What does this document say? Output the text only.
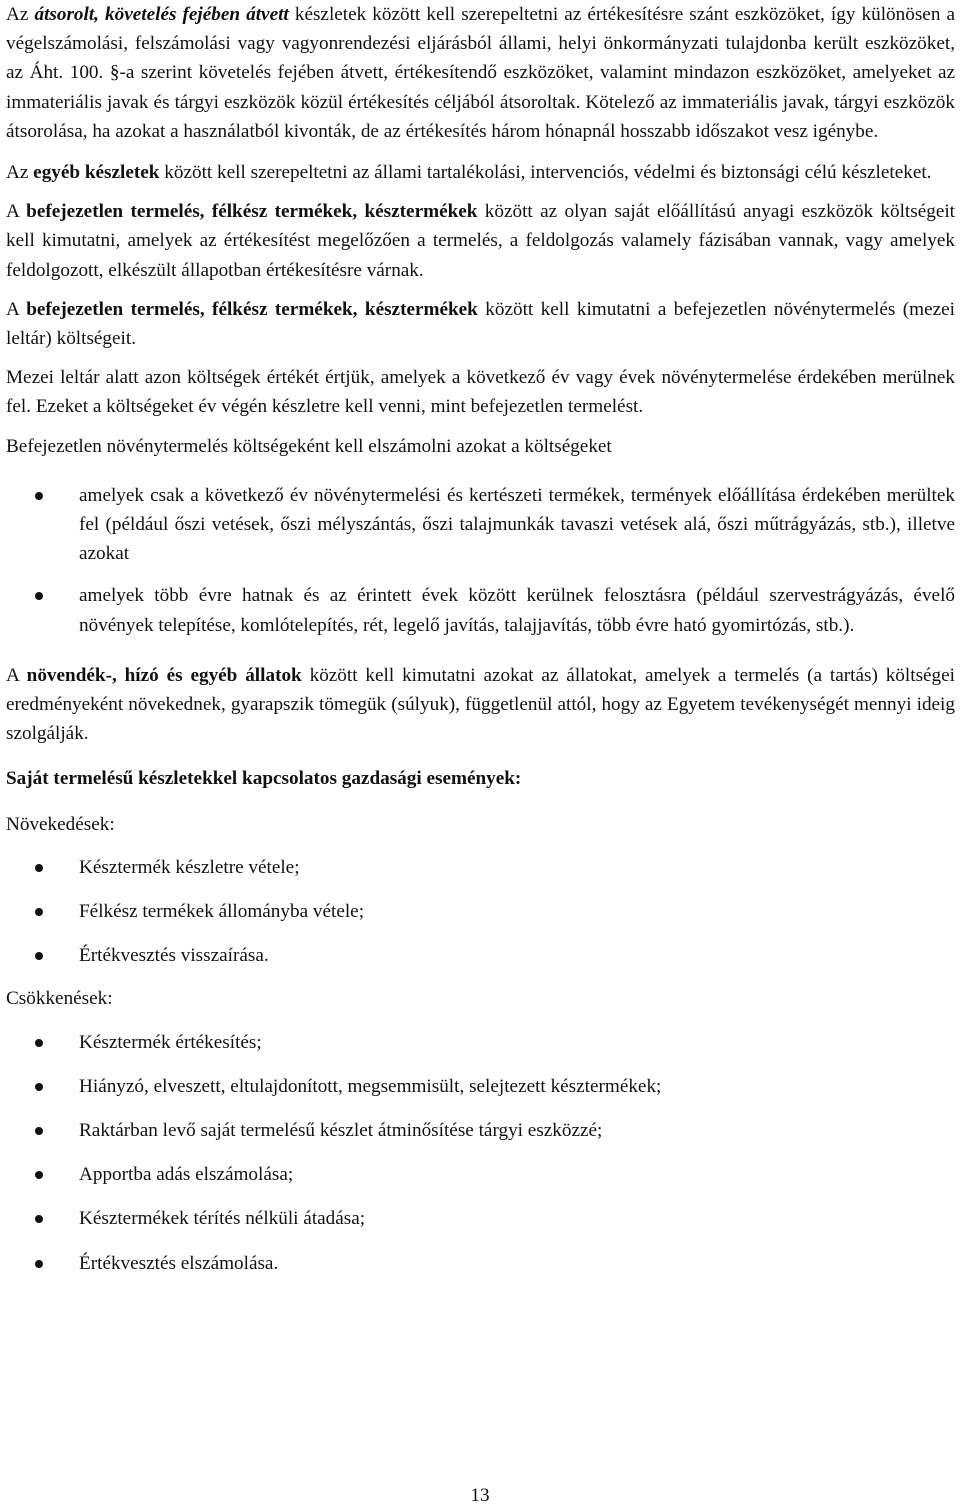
Az átsorolt, követelés fejében átvett készletek között kell szerepeltetni az értékesítésre szánt eszközöket, így különösen a végelszámolási, felszámolási vagy vagyonrendezési eljárásból állami, helyi önkormányzati tulajdonba került eszközöket, az Áht. 100. §-a szerint követelés fejében átvett, értékesítendő eszközöket, valamint mindazon eszközöket, amelyeket az immateriális javak és tárgyi eszközök közül értékesítés céljából átsoroltak. Kötelező az immateriális javak, tárgyi eszközök átsorolása, ha azokat a használatból kivonták, de az értékesítés három hónapnál hosszabb időszakot vesz igénybe.

Az egyéb készletek között kell szerepeltetni az állami tartalékolási, intervenciós, védelmi és biztonsági célú készleteket.

A befejezetlen termelés, félkész termékek, késztermékek között az olyan saját előállítású anyagi eszközök költségeit kell kimutatni, amelyek az értékesítést megelőzően a termelés, a feldolgozás valamely fázisában vannak, vagy amelyek feldolgozott, elkészült állapotban értékesítésre várnak.

A befejezetlen termelés, félkész termékek, késztermékek között kell kimutatni a befejezetlen növénytermelés (mezei leltár) költségeit.

Mezei leltár alatt azon költségek értékét értjük, amelyek a következő év vagy évek növénytermelése érdekében merülnek fel. Ezeket a költségeket év végén készletre kell venni, mint befejezetlen termelést.

Befejezetlen növénytermelés költségeként kell elszámolni azokat a költségeket

amelyek csak a következő év növénytermelési és kertészeti termékek, termények előállítása érdekében merültek fel (például őszi vetések, őszi mélyszántás, őszi talajmunkák tavaszi vetések alá, őszi műtrágyázás, stb.), illetve azokat
amelyek több évre hatnak és az érintett évek között kerülnek felosztásra (például szervestrágyázás, évelő növények telepítése, komlótelepítés, rét, legelő javítás, talajjavítás, több évre ható gyomirtózás, stb.).

A növendék-, hízó és egyéb állatok között kell kimutatni azokat az állatokat, amelyek a termelés (a tartás) költségei eredményeként növekednek, gyarapszik tömegük (súlyuk), függetlenül attól, hogy az Egyetem tevékenységét mennyi ideig szolgálják.

Saját termelésű készletekkel kapcsolatos gazdasági események:

Növekedések:

Késztermék készletre vétele;
Félkész termékek állományba vétele;
Értékvesztés visszaírása.

Csökkenések:

Késztermék értékesítés;
Hiányzó, elveszett, eltulajdonított, megsemmisült, selejtezett késztermékek;
Raktárban levő saját termelésű készlet átminősítése tárgyi eszközzé;
Apportba adás elszámolása;
Késztermékek térítés nélküli átadása;
Értékvesztés elszámolása.
13
